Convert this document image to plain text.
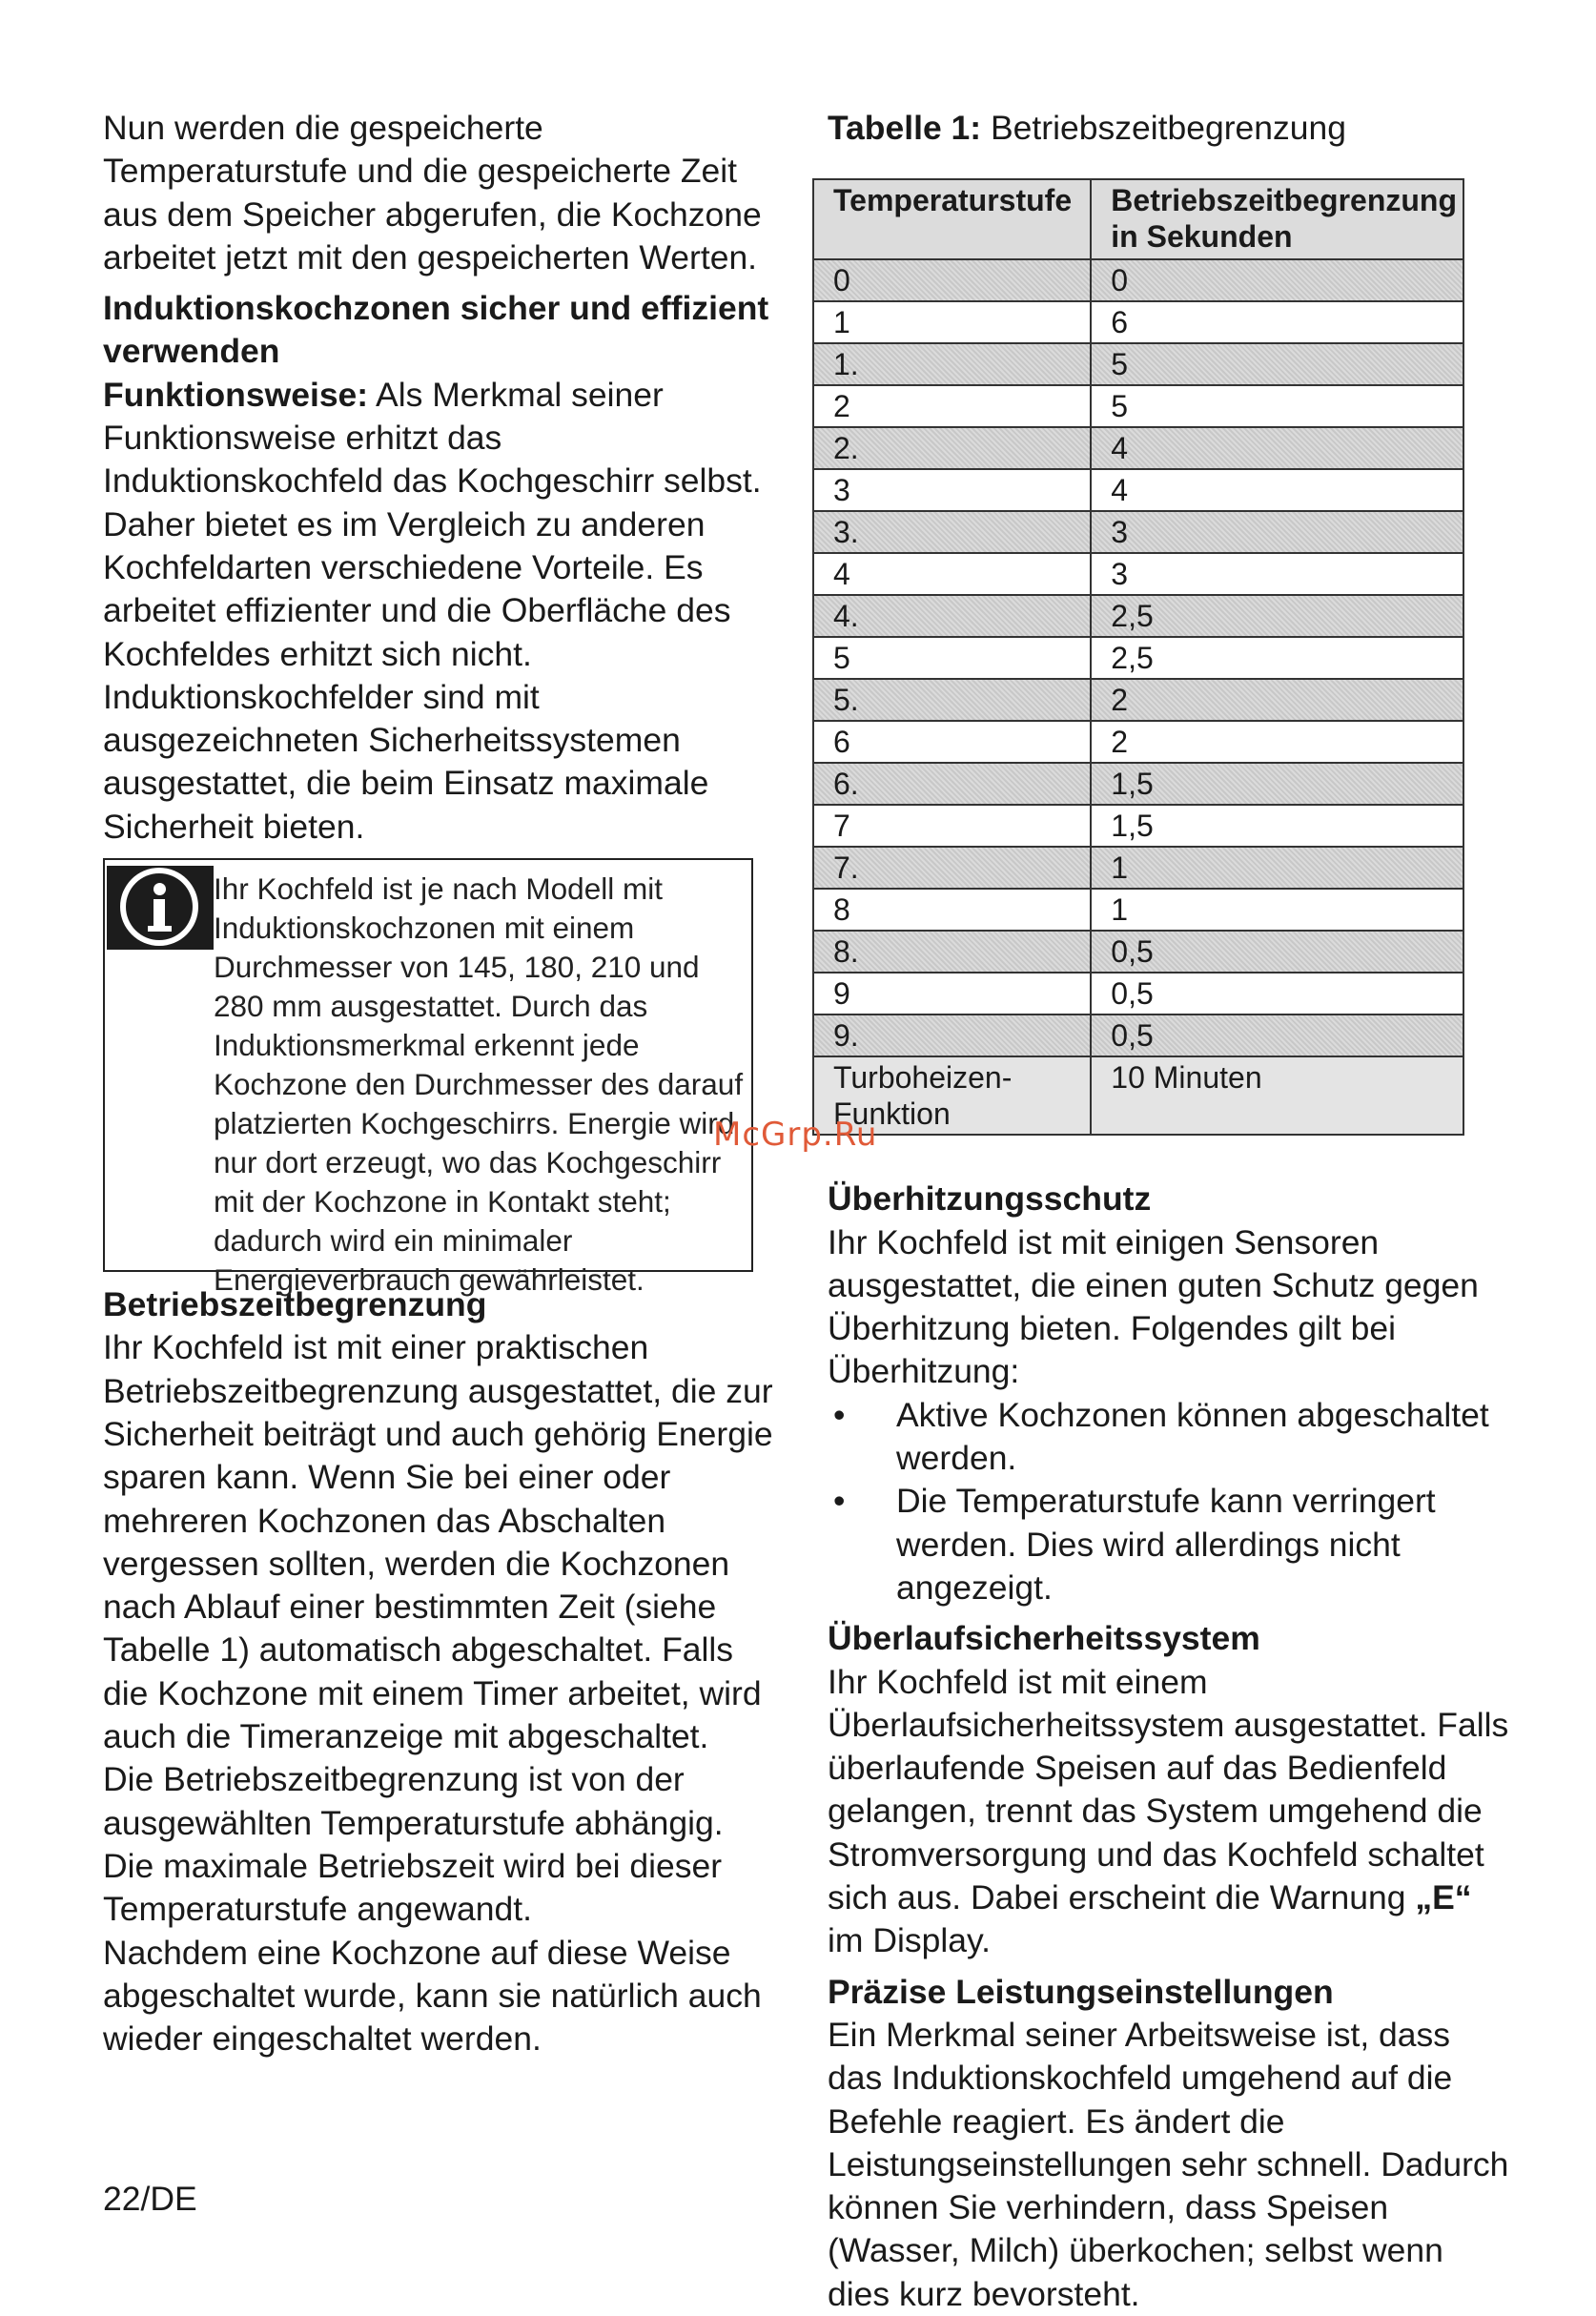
Nun werden die gespeicherte Temperaturstufe und die gespeicherte Zeit aus dem Speicher abgerufen, die Kochzone arbeitet jetzt mit den gespeicherten Werten.

Induktionskochzonen sicher und effizient verwenden

Funktionsweise: Als Merkmal seiner Funktionsweise erhitzt das Induktionskochfeld das Kochgeschirr selbst. Daher bietet es im Vergleich zu anderen Kochfeldarten verschiedene Vorteile. Es arbeitet effizienter und die Oberfläche des Kochfeldes erhitzt sich nicht. Induktionskochfelder sind mit ausgezeichneten Sicherheitssystemen ausgestattet, die beim Einsatz maximale Sicherheit bieten.

Ihr Kochfeld ist je nach Modell mit Induktionskochzonen mit einem Durchmesser von 145, 180, 210 und 280 mm ausgestattet. Durch das Induktionsmerkmal erkennt jede Kochzone den Durchmesser des darauf platzierten Kochgeschirrs. Energie wird nur dort erzeugt, wo das Kochgeschirr mit der Kochzone in Kontakt steht; dadurch wird ein minimaler Energieverbrauch gewährleistet.

Betriebszeitbegrenzung

Ihr Kochfeld ist mit einer praktischen Betriebszeitbegrenzung ausgestattet, die zur Sicherheit beiträgt und auch gehörig Energie sparen kann. Wenn Sie bei einer oder mehreren Kochzonen das Abschalten vergessen sollten, werden die Kochzonen nach Ablauf einer bestimmten Zeit (siehe Tabelle 1) automatisch abgeschaltet. Falls die Kochzone mit einem Timer arbeitet, wird auch die Timeranzeige mit abgeschaltet.

Die Betriebszeitbegrenzung ist von der ausgewählten Temperaturstufe abhängig. Die maximale Betriebszeit wird bei dieser Temperaturstufe angewandt.

Nachdem eine Kochzone auf diese Weise abgeschaltet wurde, kann sie natürlich auch wieder eingeschaltet werden.

Tabelle 1: Betriebszeitbegrenzung

Temperaturstufe	Betriebszeitbegrenzung in Sekunden
0	0
1	6
1.	5
2	5
2.	4
3	4
3.	3
4	3
4.	2,5
5	2,5
5.	2
6	2
6.	1,5
7	1,5
7.	1
8	1
8.	0,5
9	0,5
9.	0,5
Turboheizen-Funktion	10 Minuten

Überhitzungsschutz

Ihr Kochfeld ist mit einigen Sensoren ausgestattet, die einen guten Schutz gegen Überhitzung bieten. Folgendes gilt bei Überhitzung:

• Aktive Kochzonen können abgeschaltet werden.
• Die Temperaturstufe kann verringert werden. Dies wird allerdings nicht angezeigt.

Überlaufsicherheitssystem

Ihr Kochfeld ist mit einem Überlaufsicherheitssystem ausgestattet. Falls überlaufende Speisen auf das Bedienfeld gelangen, trennt das System umgehend die Stromversorgung und das Kochfeld schaltet sich aus. Dabei erscheint die Warnung „E“ im Display.

Präzise Leistungseinstellungen

Ein Merkmal seiner Arbeitsweise ist, dass das Induktionskochfeld umgehend auf die Befehle reagiert. Es ändert die Leistungseinstellungen sehr schnell. Dadurch können Sie verhindern, dass Speisen (Wasser, Milch) überkochen; selbst wenn dies kurz bevorsteht.

McGrp.Ru
22/DE
